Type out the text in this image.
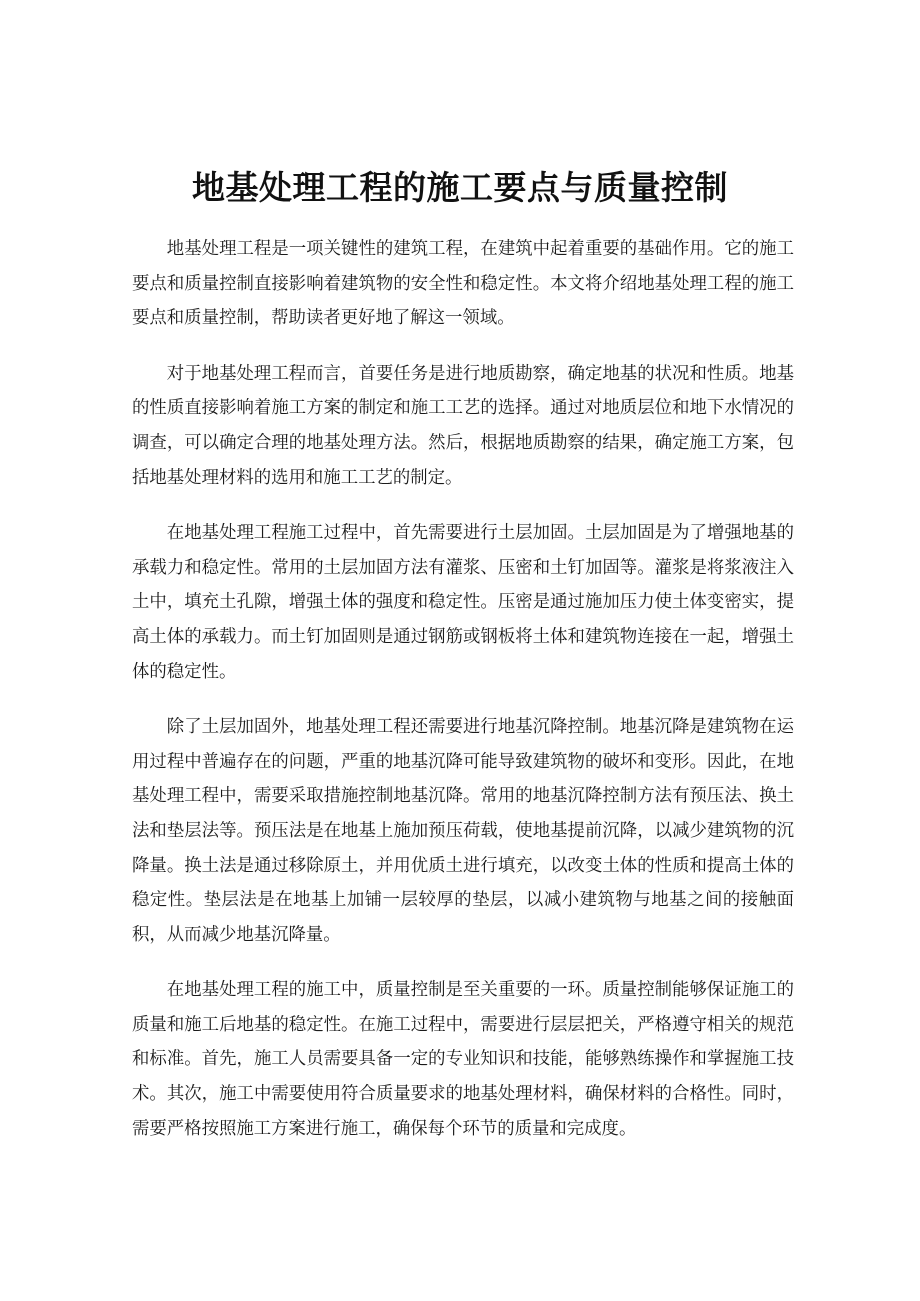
地基处理工程的施工要点与质量控制

地基处理工程是一项关键性的建筑工程，在建筑中起着重要的基础作用。它的施工要点和质量控制直接影响着建筑物的安全性和稳定性。本文将介绍地基处理工程的施工要点和质量控制，帮助读者更好地了解这一领域。

对于地基处理工程而言，首要任务是进行地质勘察，确定地基的状况和性质。地基的性质直接影响着施工方案的制定和施工工艺的选择。通过对地质层位和地下水情况的调查，可以确定合理的地基处理方法。然后，根据地质勘察的结果，确定施工方案，包括地基处理材料的选用和施工工艺的制定。

在地基处理工程施工过程中，首先需要进行土层加固。土层加固是为了增强地基的承载力和稳定性。常用的土层加固方法有灌浆、压密和土钉加固等。灌浆是将浆液注入土中，填充土孔隙，增强土体的强度和稳定性。压密是通过施加压力使土体变密实，提高土体的承载力。而土钉加固则是通过钢筋或钢板将土体和建筑物连接在一起，增强土体的稳定性。

除了土层加固外，地基处理工程还需要进行地基沉降控制。地基沉降是建筑物在运用过程中普遍存在的问题，严重的地基沉降可能导致建筑物的破坏和变形。因此，在地基处理工程中，需要采取措施控制地基沉降。常用的地基沉降控制方法有预压法、换土法和垫层法等。预压法是在地基上施加预压荷载，使地基提前沉降，以减少建筑物的沉降量。换土法是通过移除原土，并用优质土进行填充，以改变土体的性质和提高土体的稳定性。垫层法是在地基上加铺一层较厚的垫层，以减小建筑物与地基之间的接触面积，从而减少地基沉降量。

在地基处理工程的施工中，质量控制是至关重要的一环。质量控制能够保证施工的质量和施工后地基的稳定性。在施工过程中，需要进行层层把关，严格遵守相关的规范和标准。首先，施工人员需要具备一定的专业知识和技能，能够熟练操作和掌握施工技术。其次，施工中需要使用符合质量要求的地基处理材料，确保材料的合格性。同时，需要严格按照施工方案进行施工，确保每个环节的质量和完成度。
